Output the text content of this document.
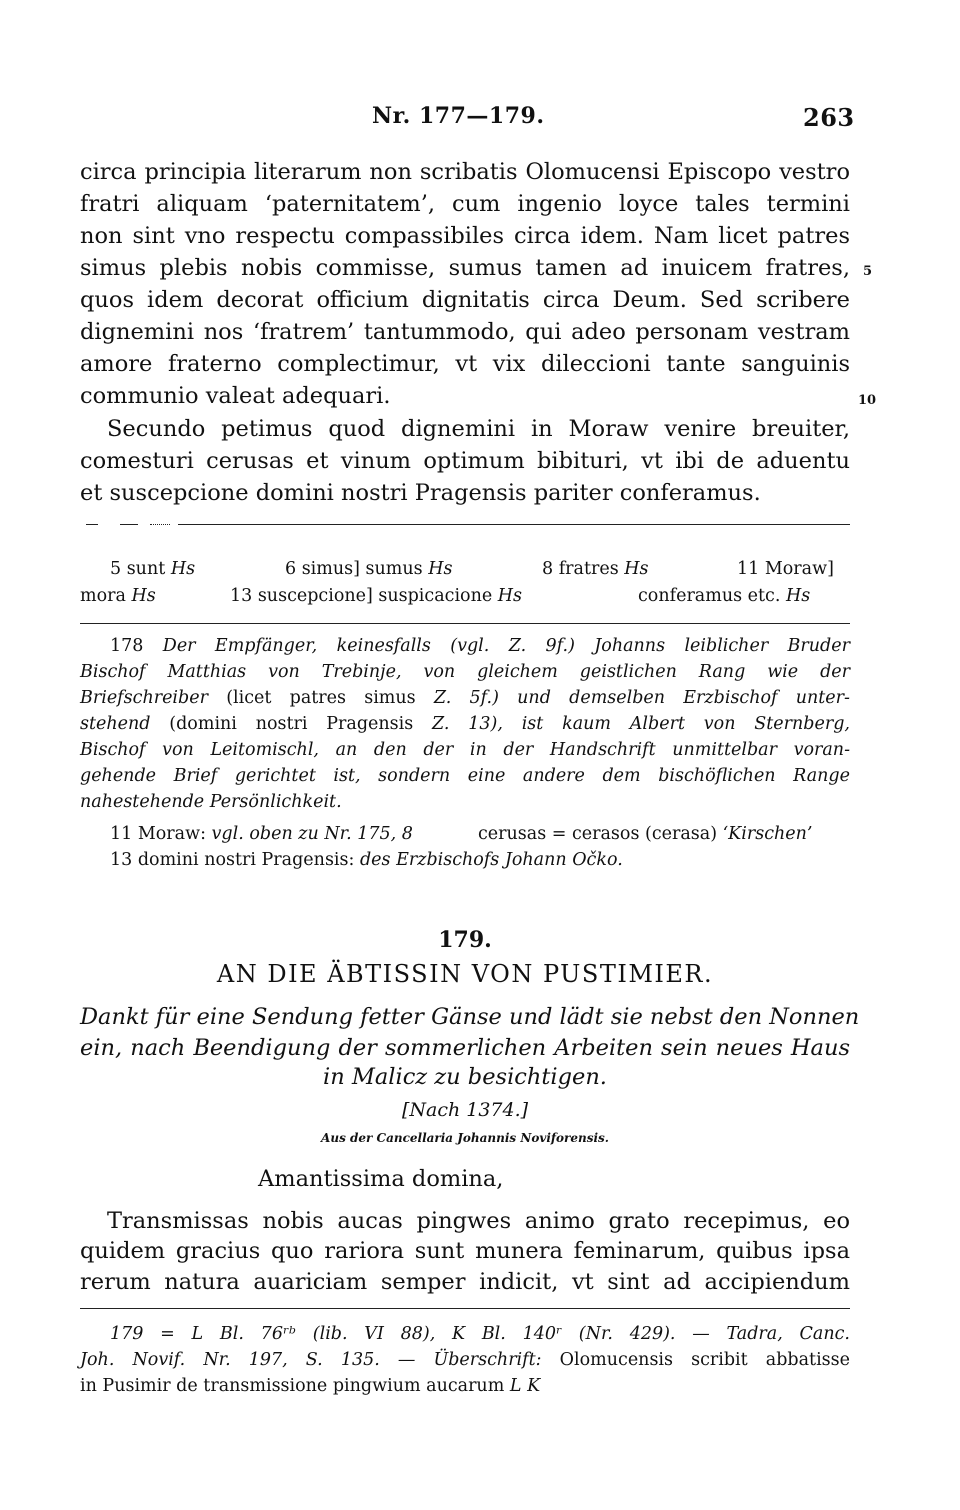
Nr. 177—179.	263
circa principia literarum non scribatis Olomucensi Episcopo vestro
fratri aliquam ‘paternitatem’, cum ingenio loyce tales termini
non sint vno respectu compassibiles circa idem. Nam licet patres
simus plebis nobis commisse, sumus tamen ad inuicem fratres,
quos idem decorat officium dignitatis circa Deum. Sed scribere
dignemini nos ‘fratrem’ tantummodo, qui adeo personam vestram
amore fraterno complectimur, vt vix dileccioni tante sanguinis
communio valeat adequari.
Secundo petimus quod dignemini in Moraw venire breuiter,
comesturi cerusas et vinum optimum bibituri, vt ibi de aduentu
et suscepcione domini nostri Pragensis pariter conferamus.
5
10
5 sunt Hs	6 simus] sumus Hs	8 fratres Hs	11 Moraw]
mora Hs	13 suscepcione] suspicacione Hs	conferamus etc. Hs
178 Der Empfänger, keinesfalls (vgl. Z. 9f.) Johanns leiblicher Bruder
Bischof Matthias von Trebinje, von gleichem geistlichen Rang wie der
Briefschreiber (licet patres simus Z. 5f.) und demselben Erzbischof unter-
stehend (domini nostri Pragensis Z. 13), ist kaum Albert von Sternberg,
Bischof von Leitomischl, an den der in der Handschrift unmittelbar voran-
gehende Brief gerichtet ist, sondern eine andere dem bischöflichen Range
nahestehende Persönlichkeit.
11 Moraw: vgl. oben zu Nr. 175, 8	cerusas = cerasos (cerasa) ‘Kirschen’
13 domini nostri Pragensis: des Erzbischofs Johann Očko.
179.
AN DIE ÄBTISSIN VON PUSTIMIER.
Dankt für eine Sendung fetter Gänse und lädt sie nebst den Nonnen
ein, nach Beendigung der sommerlichen Arbeiten sein neues Haus
in Malicz zu besichtigen.
[Nach 1374.]
Aus der Cancellaria Johannis Noviforensis.
Amantissima domina,
Transmissas nobis aucas pingwes animo grato recepimus, eo
quidem gracius quo rariora sunt munera feminarum, quibus ipsa
rerum natura auariciam semper indicit, vt sint ad accipiendum
179 = L Bl. 76ʳᵇ (lib. VI 88), K Bl. 140ʳ (Nr. 429). — Tadra, Canc.
Joh. Novif. Nr. 197, S. 135. — Überschrift: Olomucensis scribit abbatisse
in Pusimir de transmissione pingwium aucarum L K
